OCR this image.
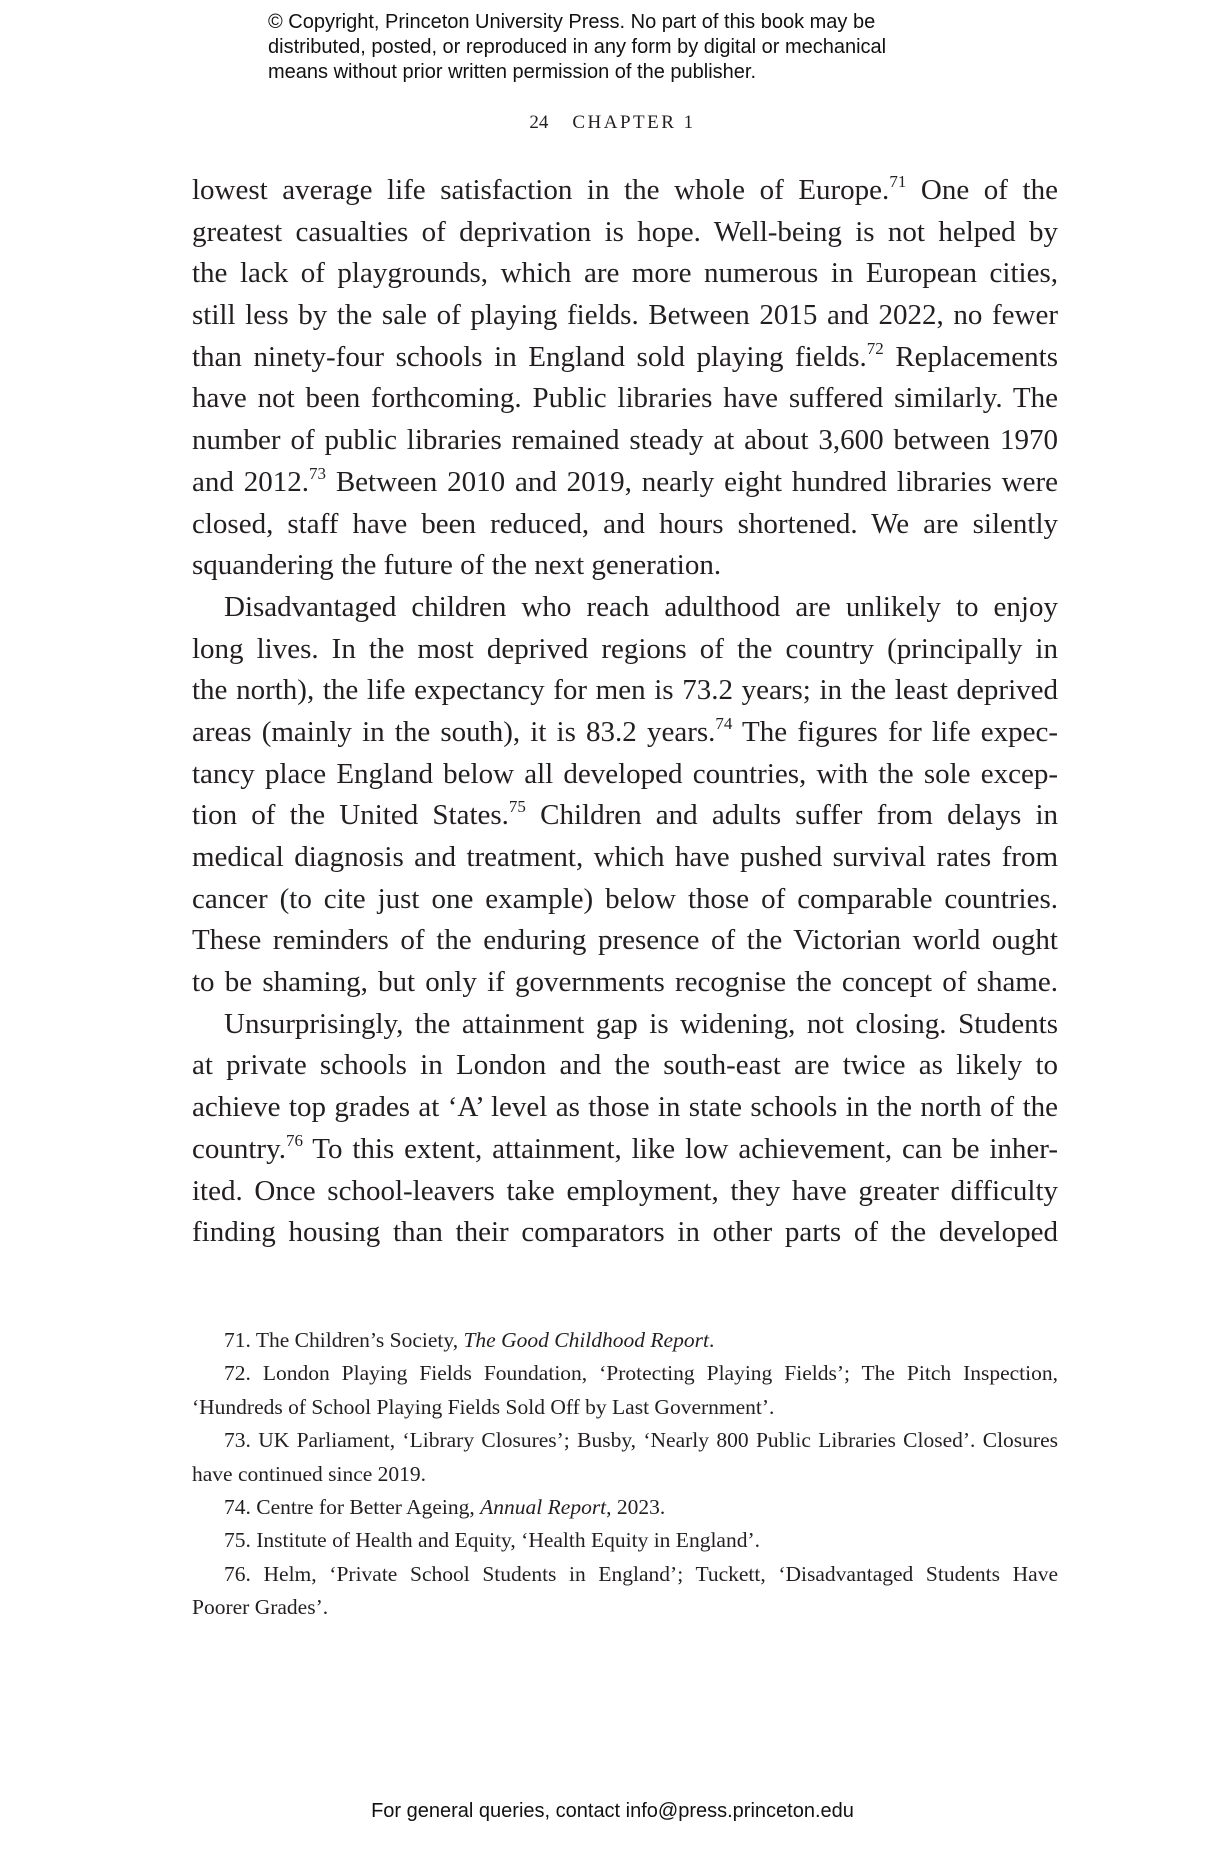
© Copyright, Princeton University Press. No part of this book may be
distributed, posted, or reproduced in any form by digital or mechanical
means without prior written permission of the publisher.
24 CHAPTER 1
lowest average life satisfaction in the whole of Europe.$^{71}$ One of the
greatest casualties of deprivation is hope. Well-being is not helped by
the lack of playgrounds, which are more numerous in European cities,
still less by the sale of playing fields. Between 2015 and 2022, no fewer
than ninety-four schools in England sold playing fields.$^{72}$ Replacements
have not been forthcoming. Public libraries have suffered similarly. The
number of public libraries remained steady at about 3,600 between 1970
and 2012.73 Between 2010 and 2019, nearly eight hundred libraries were
closed, staff have been reduced, and hours shortened. We are silently
squandering the future of the next generation.
Disadvantaged children who reach adulthood are unlikely to enjoy
long lives. In the most deprived regions of the country (principally in
the north), the life expectancy for men is 73.2 years; in the least deprived
areas (mainly in the south), it is 83.2 years.$^{74}$ The figures for life expec-
tancy place England below all developed countries, with the sole excep-
tion of the United States.$^{75}$ Children and adults suffer from delays in
medical diagnosis and treatment, which have pushed survival rates from
cancer (to cite just one example) below those of comparable countries.
These reminders of the enduring presence of the Victorian world ought
to be shaming, but only if governments recognise the concept of shame.
Unsurprisingly, the attainment gap is widening, not closing. Students
at private schools in London and the south-east are twice as likely to
achieve top grades at ‘A’ level as those in state schools in the north of the
country.$^{76}$ To this extent, attainment, like low achievement, can be inher-
ited. Once school-leavers take employment, they have greater difficulty
finding housing than their comparators in other parts of the developed
71. The Children’s Society, The Good Childhood Report.
72. London Playing Fields Foundation, ‘Protecting Playing Fields’; The Pitch Inspection,
‘Hundreds of School Playing Fields Sold Off by Last Government’.
73. UK Parliament, ‘Library Closures’; Busby, ‘Nearly 800 Public Libraries Closed’. Closures
have continued since 2019.
74. Centre for Better Ageing, Annual Report, 2023.
75. Institute of Health and Equity, ‘Health Equity in England’.
76. Helm, ‘Private School Students in England’; Tuckett, ‘Disadvantaged Students Have
Poorer Grades’.
For general queries, contact info@press.princeton.edu
